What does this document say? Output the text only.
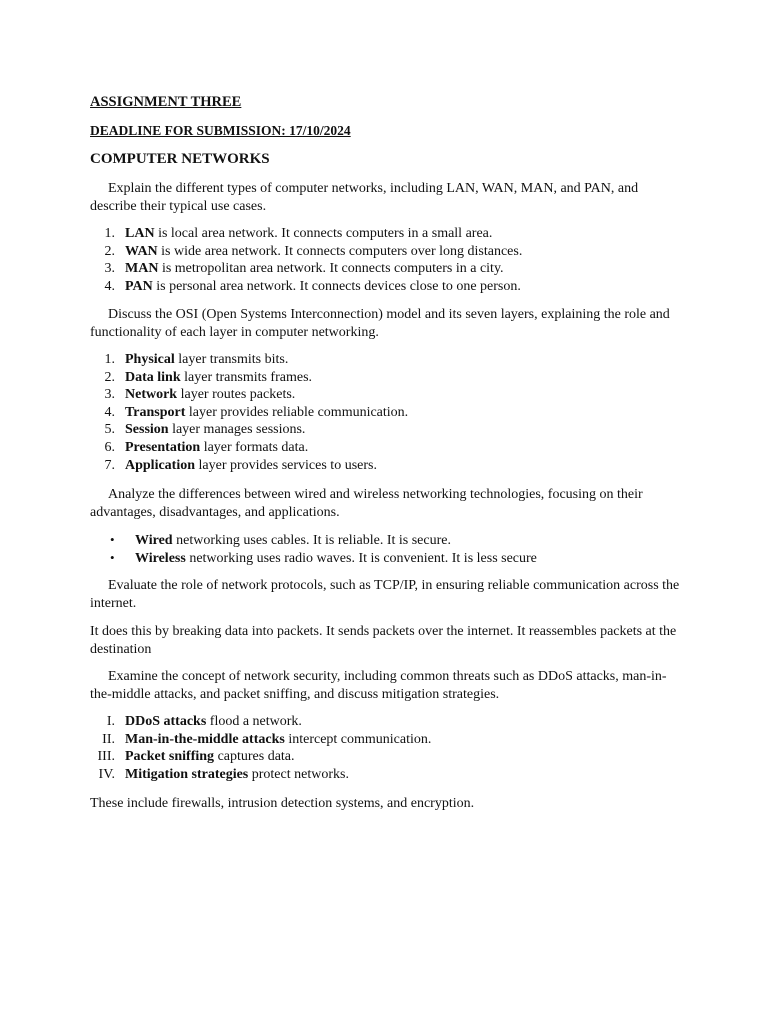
ASSIGNMENT THREE

DEADLINE FOR SUBMISSION: 17/10/2024

COMPUTER NETWORKS

Explain the different types of computer networks, including LAN, WAN, MAN, and PAN, and describe their typical use cases.

1. LAN is local area network. It connects computers in a small area.
2. WAN is wide area network. It connects computers over long distances.
3. MAN is metropolitan area network. It connects computers in a city.
4. PAN is personal area network. It connects devices close to one person.

Discuss the OSI (Open Systems Interconnection) model and its seven layers, explaining the role and functionality of each layer in computer networking.

1. Physical layer transmits bits.
2. Data link layer transmits frames.
3. Network layer routes packets.
4. Transport layer provides reliable communication.
5. Session layer manages sessions.
6. Presentation layer formats data.
7. Application layer provides services to users.

Analyze the differences between wired and wireless networking technologies, focusing on their advantages, disadvantages, and applications.

• Wired networking uses cables. It is reliable. It is secure.
• Wireless networking uses radio waves. It is convenient. It is less secure

Evaluate the role of network protocols, such as TCP/IP, in ensuring reliable communication across the internet.

It does this by breaking data into packets. It sends packets over the internet. It reassembles packets at the destination

Examine the concept of network security, including common threats such as DDoS attacks, man-in-the-middle attacks, and packet sniffing, and discuss mitigation strategies.

I. DDoS attacks flood a network.
II. Man-in-the-middle attacks intercept communication.
III. Packet sniffing captures data.
IV. Mitigation strategies protect networks.

These include firewalls, intrusion detection systems, and encryption.
